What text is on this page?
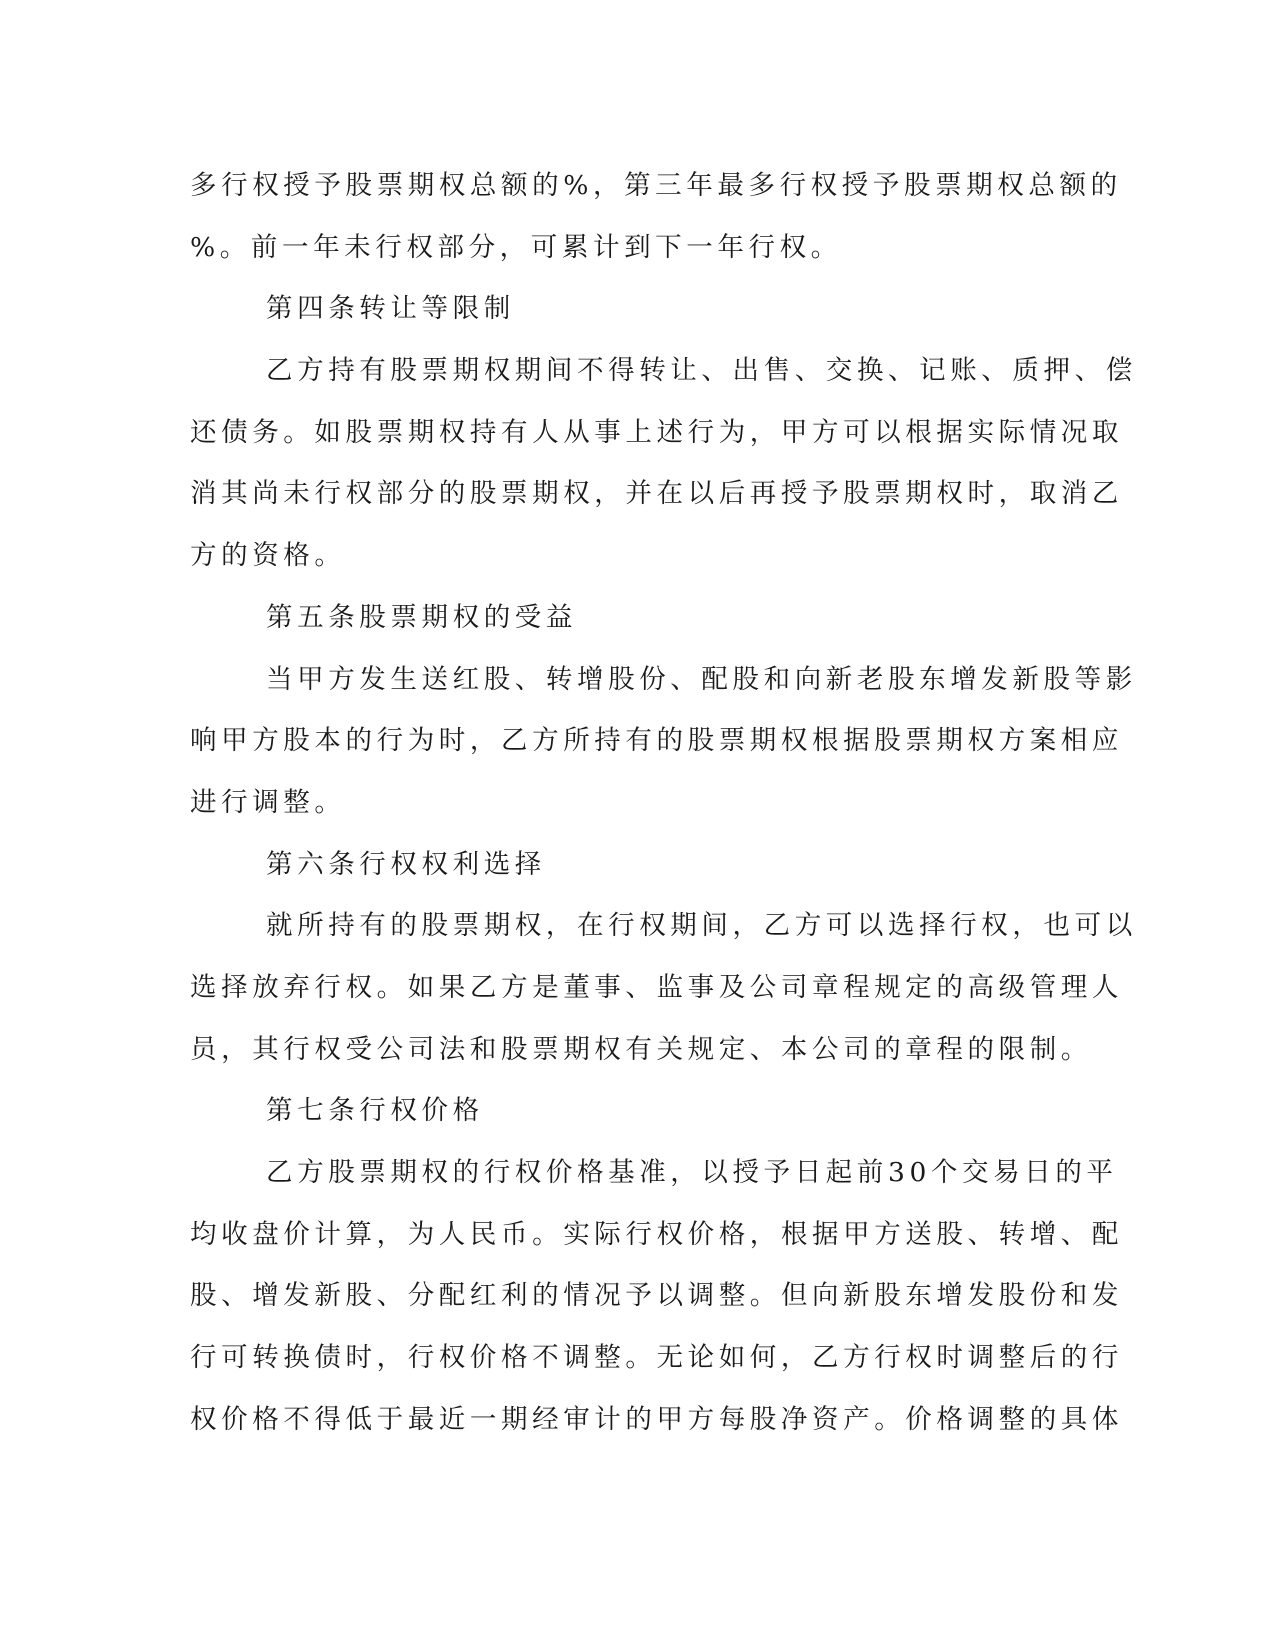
多行权授予股票期权总额的%，第三年最多行权授予股票期权总额的
%。前一年未行权部分，可累计到下一年行权。
第四条转让等限制
乙方持有股票期权期间不得转让、出售、交换、记账、质押、偿
还债务。如股票期权持有人从事上述行为，甲方可以根据实际情况取
消其尚未行权部分的股票期权，并在以后再授予股票期权时，取消乙
方的资格。
第五条股票期权的受益
当甲方发生送红股、转增股份、配股和向新老股东增发新股等影
响甲方股本的行为时，乙方所持有的股票期权根据股票期权方案相应
进行调整。
第六条行权权利选择
就所持有的股票期权，在行权期间，乙方可以选择行权，也可以
选择放弃行权。如果乙方是董事、监事及公司章程规定的高级管理人
员，其行权受公司法和股票期权有关规定、本公司的章程的限制。
第七条行权价格
乙方股票期权的行权价格基准，以授予日起前30个交易日的平
均收盘价计算，为人民币。实际行权价格，根据甲方送股、转增、配
股、增发新股、分配红利的情况予以调整。但向新股东增发股份和发
行可转换债时，行权价格不调整。无论如何，乙方行权时调整后的行
权价格不得低于最近一期经审计的甲方每股净资产。价格调整的具体
